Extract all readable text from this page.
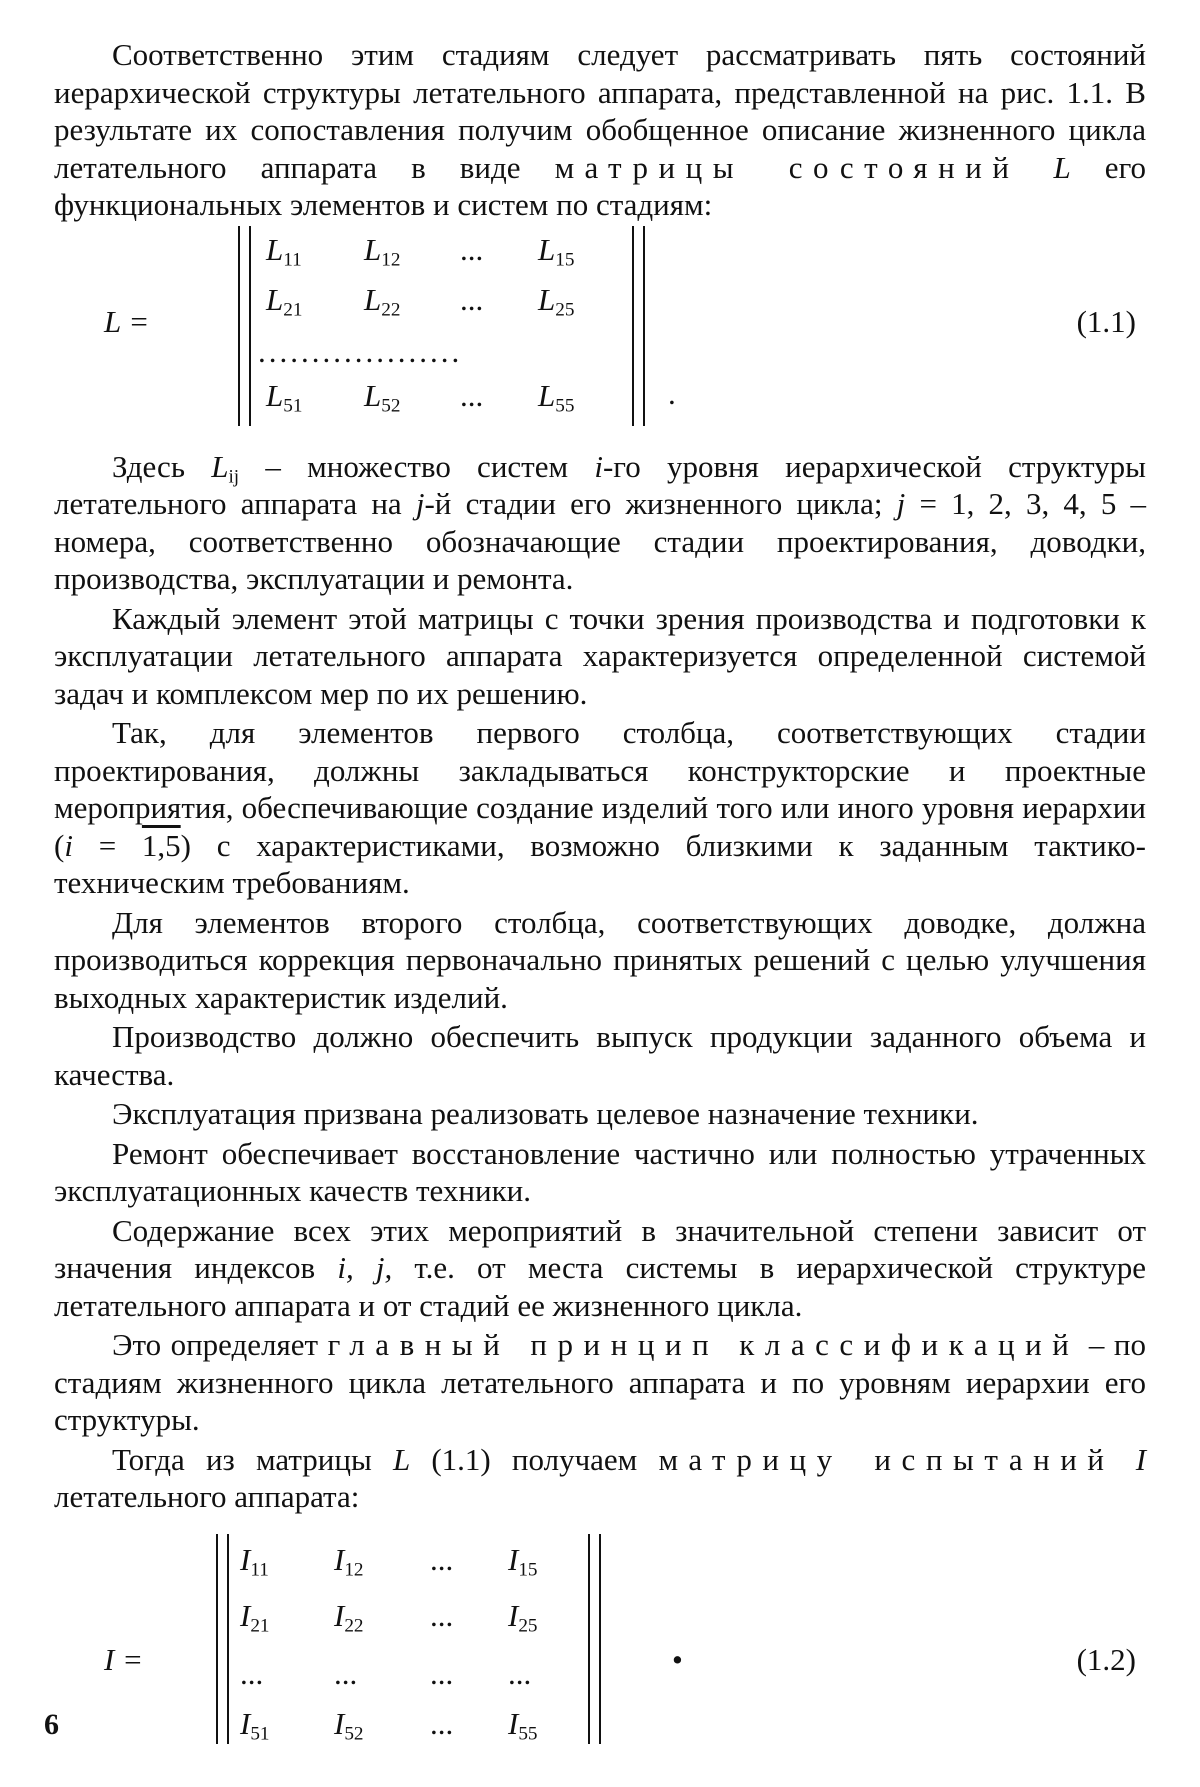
Соответственно этим стадиям следует рассматривать пять состояний иерархической структуры летательного аппарата, представленной на рис. 1.1. В результате их сопоставления получим обобщенное описание жизненного цикла летательного аппарата в виде матрицы состояний L его функциональных элементов и систем по стадиям:

L =
$L_{11}$ $L_{12}$ ... $L_{15}$
$L_{21}$ $L_{22}$ ... $L_{25}$
$L_{51}$ $L_{52}$ ... $L_{55}$
...................
.
(1.1)

Здесь $L_{ij}$ – множество систем i-го уровня иерархической структуры летательного аппарата на j-й стадии его жизненного цикла; j = 1, 2, 3, 4, 5 – номера, соответственно обозначающие стадии проектирования, доводки, производства, эксплуатации и ремонта.

Каждый элемент этой матрицы с точки зрения производства и подготовки к эксплуатации летательного аппарата характеризуется определенной системой задач и комплексом мер по их решению.

Так, для элементов первого столбца, соответствующих стадии проектирования, должны закладываться конструкторские и проектные мероприятия, обеспечивающие создание изделий того или иного уровня иерархии (i = 1,5) с характеристиками, возможно близкими к заданным тактико-техническим требованиям.

Для элементов второго столбца, соответствующих доводке, должна производиться коррекция первоначально принятых решений с целью улучшения выходных характеристик изделий.

Производство должно обеспечить выпуск продукции заданного объема и качества.

Эксплуатация призвана реализовать целевое назначение техники.

Ремонт обеспечивает восстановление частично или полностью утраченных эксплуатационных качеств техники.

Содержание всех этих мероприятий в значительной степени зависит от значения индексов i, j, т.е. от места системы в иерархической структуре летательного аппарата и от стадий ее жизненного цикла.

Это определяет главный принцип классификаций – по стадиям жизненного цикла летательного аппарата и по уровням иерархии его структуры.

Тогда из матрицы L (1.1) получаем матрицу испытаний I летательного аппарата:

I =
$I_{11}$ $I_{12}$ ... $I_{15}$
$I_{21}$ $I_{22}$ ... $I_{25}$
... ... ... ...
$I_{51}$ $I_{52}$ ... $I_{55}$
•	(1.2)
6
